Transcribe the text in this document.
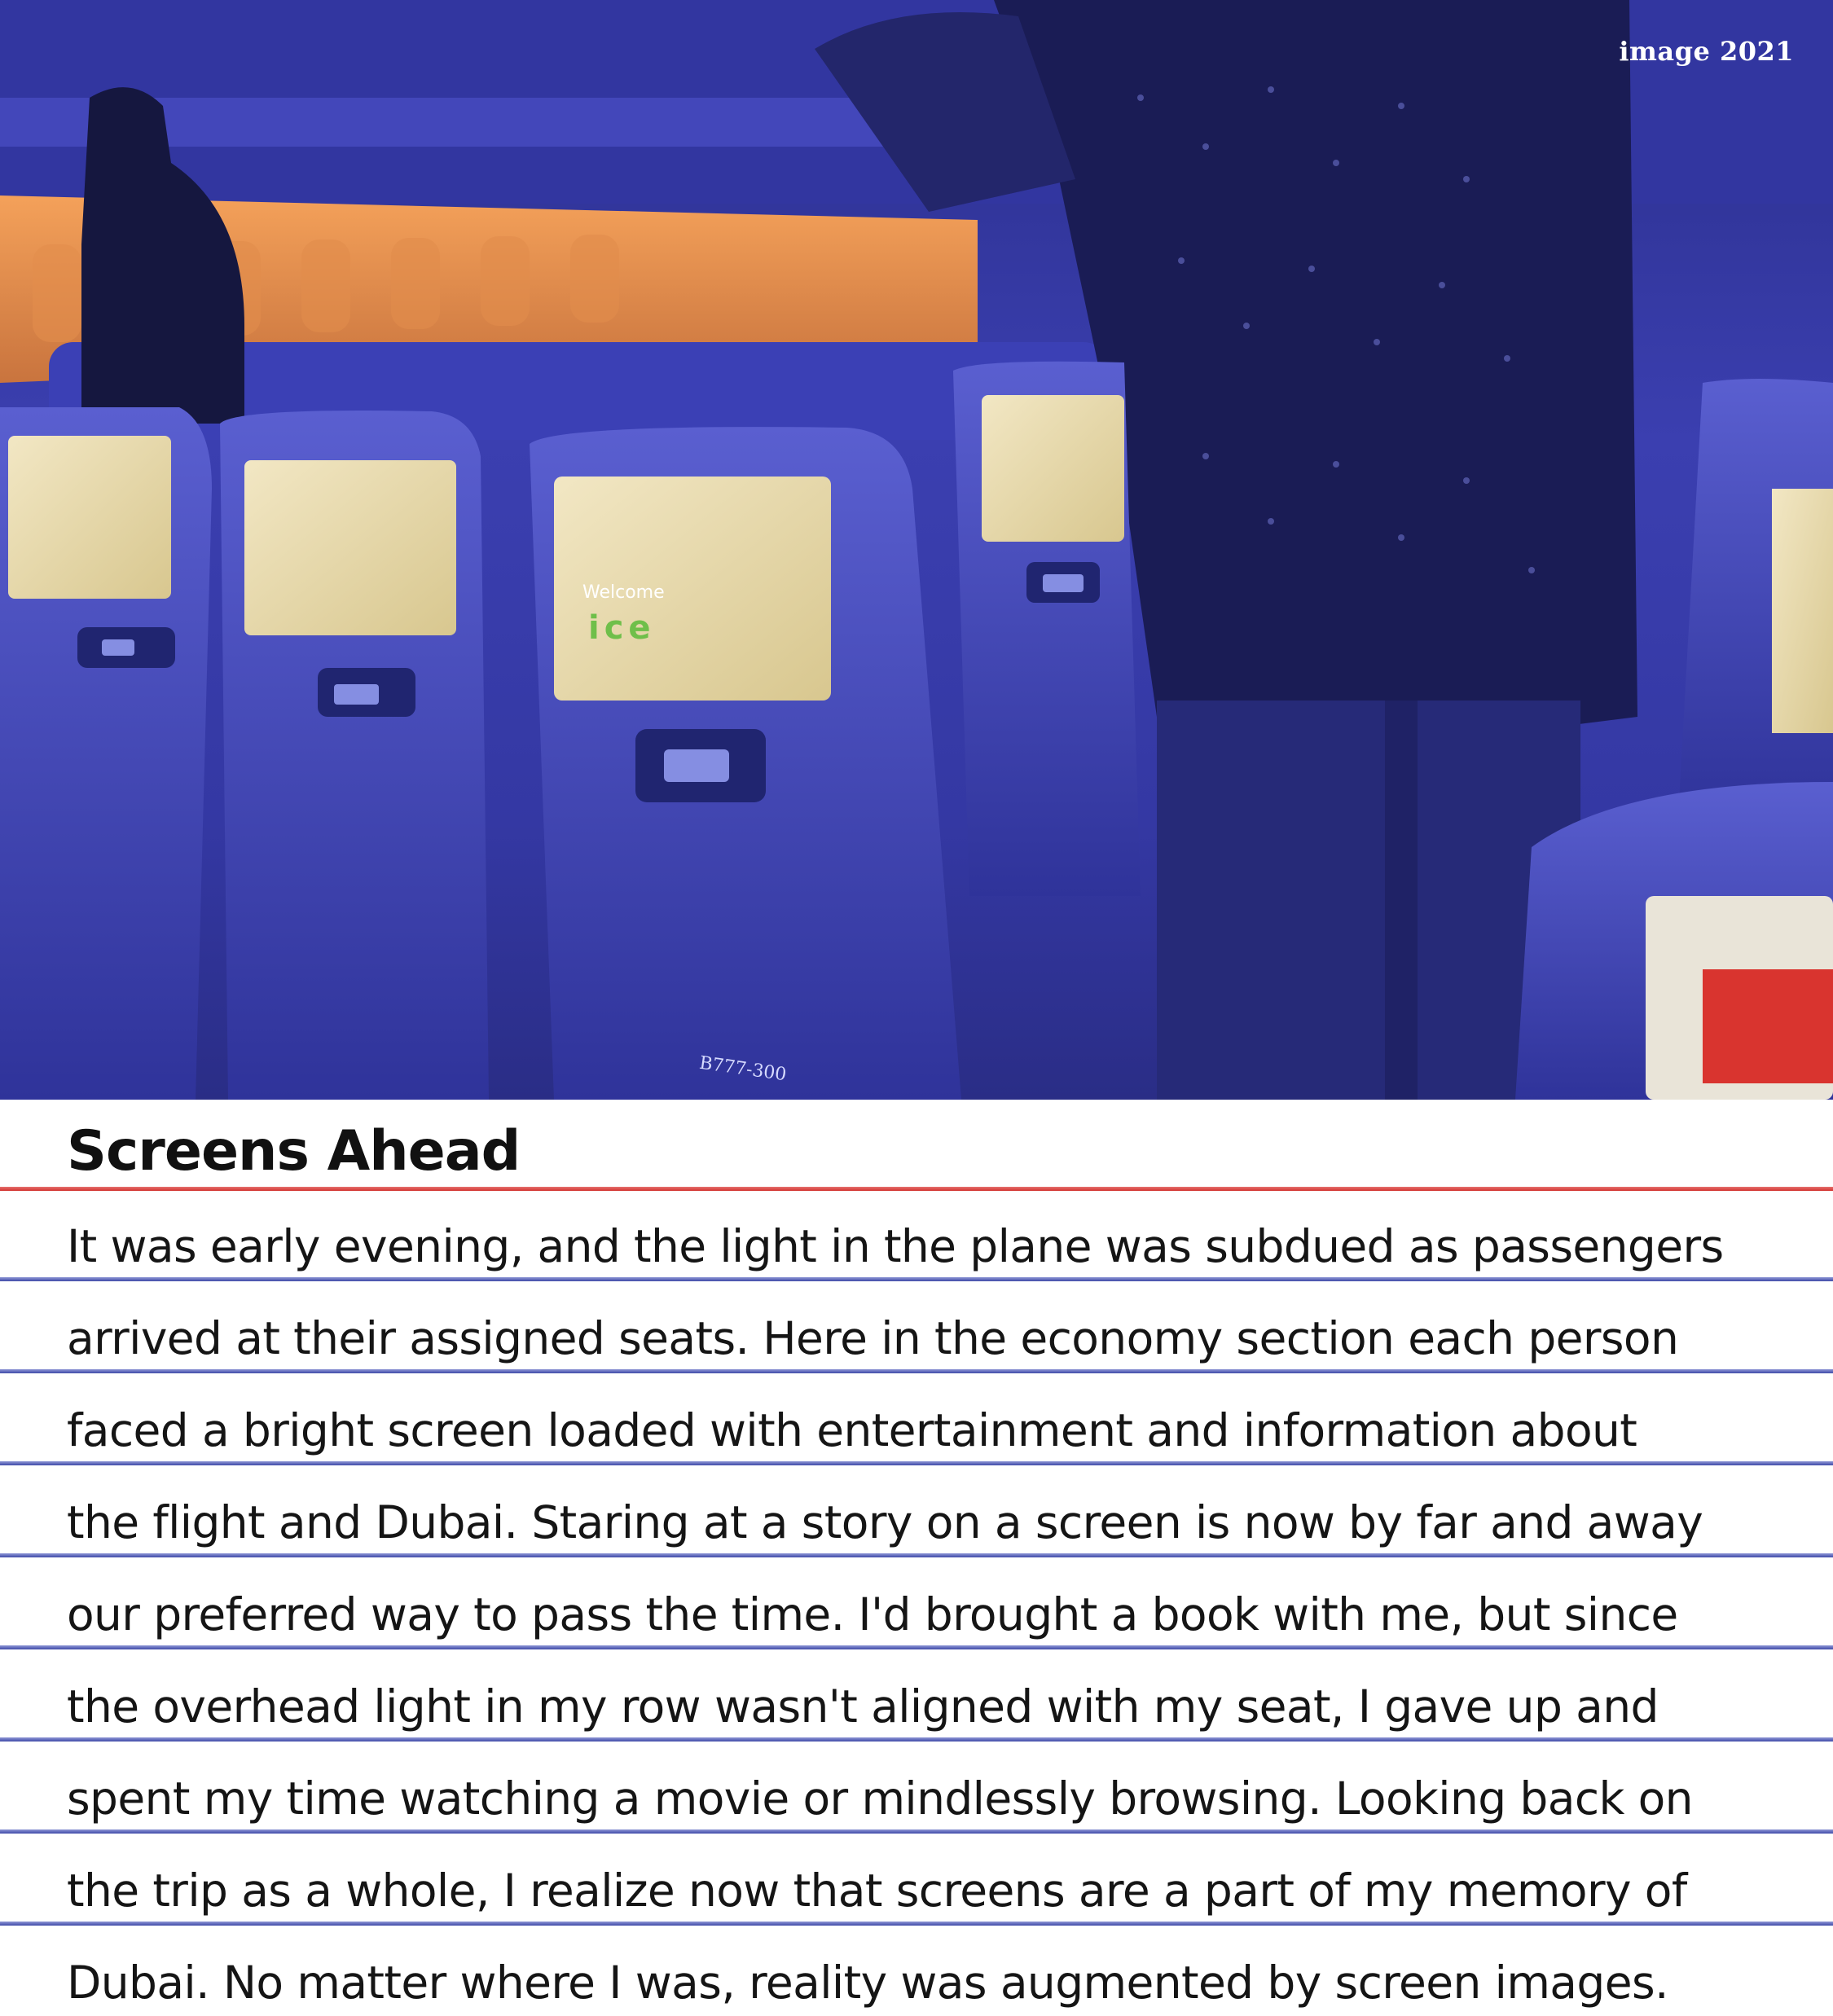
Welcome
ice
B777-300
image 2021
Screens Ahead
It was early evening, and the light in the plane was subdued as passengers
arrived at their assigned seats. Here in the economy section each person
faced a bright screen loaded with entertainment and information about
the flight and Dubai. Staring at a story on a screen is now by far and away
our preferred way to pass the time. I'd brought a book with me, but since
the overhead light in my row wasn't aligned with my seat, I gave up and
spent my time watching a movie or mindlessly browsing. Looking back on
the trip as a whole, I realize now that screens are a part of my memory of
Dubai. No matter where I was, reality was augmented by screen images.
